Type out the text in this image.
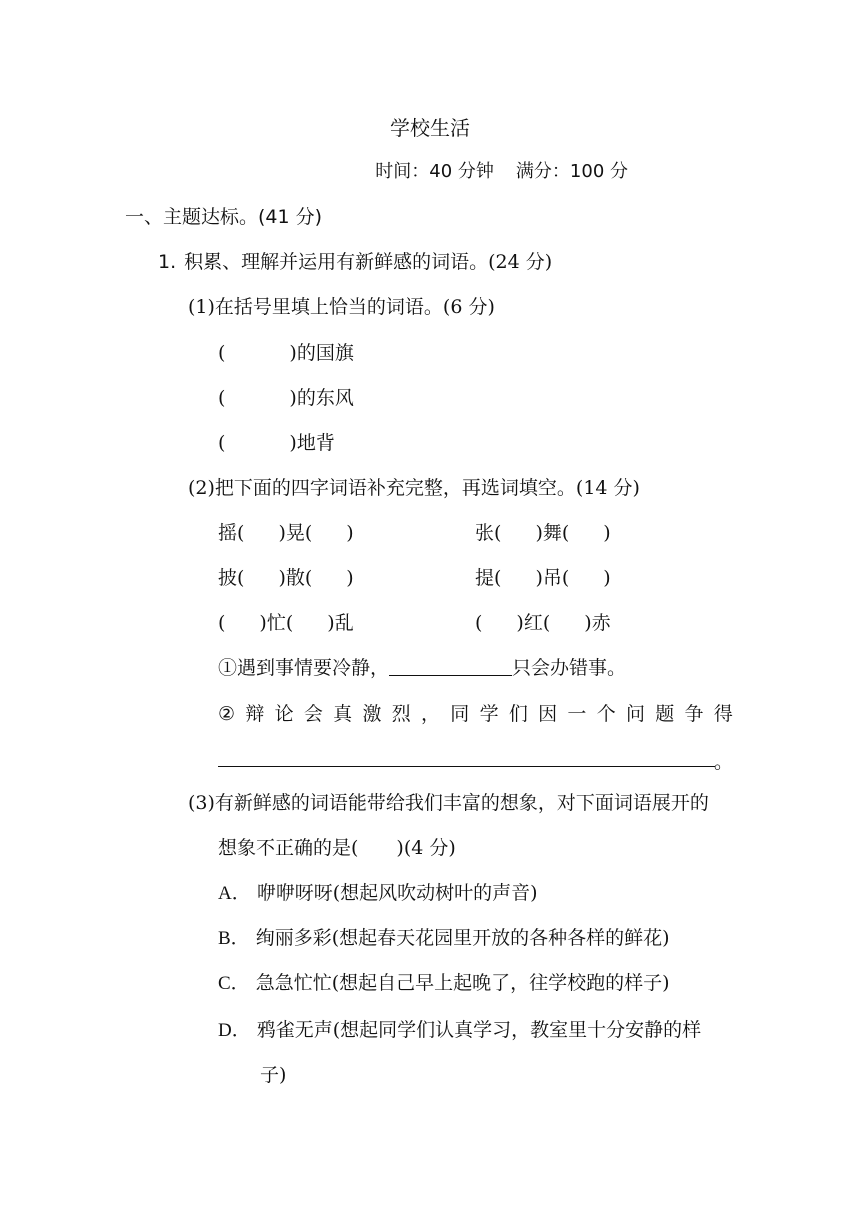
学校生活
时间：40 分钟 满分：100 分
一、主题达标。(41 分)
1. 积累、理解并运用有新鲜感的词语。(24 分)
(1)在括号里填上恰当的词语。(6 分)
(	)的国旗
(	)的东风
(	)地背
(2)把下面的四字词语补充完整，再选词填空。(14 分)
摇( )晃( )	张( )舞( )
披( )散( )	提( )吊( )
( )忙( )乱	( )红( )赤
①遇到事情要冷静，	只会办错事。
② 辩 论 会 真 激 烈 ， 同 学 们 因 一 个 问 题 争 得
。
(3)有新鲜感的词语能带给我们丰富的想象，对下面词语展开的
想象不正确的是(　　)(4 分)
A． 咿咿呀呀(想起风吹动树叶的声音)
B． 绚丽多彩(想起春天花园里开放的各种各样的鲜花)
C． 急急忙忙(想起自己早上起晚了，往学校跑的样子)
D． 鸦雀无声(想起同学们认真学习，教室里十分安静的样
子)
